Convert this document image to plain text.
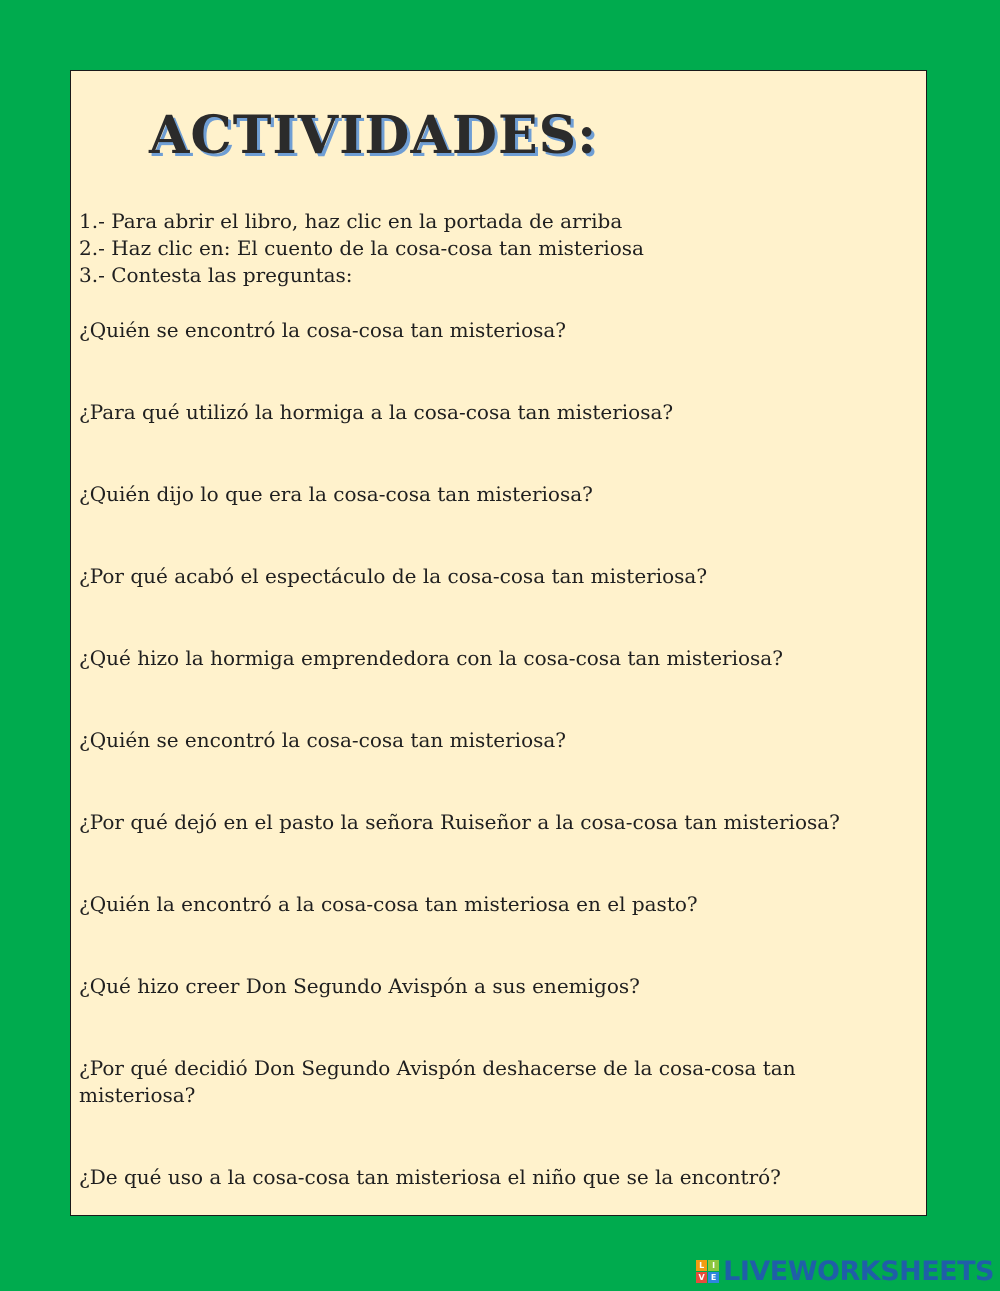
ACTIVIDADES:
1.- Para abrir el libro, haz clic en la portada de arriba
2.- Haz clic en: El cuento de la cosa-cosa tan misteriosa
3.- Contesta las preguntas:

¿Quién se encontró la cosa-cosa tan misteriosa?

¿Para qué utilizó la hormiga a la cosa-cosa tan misteriosa?

¿Quién dijo lo que era la cosa-cosa tan misteriosa?

¿Por qué acabó el espectáculo de la cosa-cosa tan misteriosa?

¿Qué hizo la hormiga emprendedora con la cosa-cosa tan misteriosa?

¿Quién se encontró la cosa-cosa tan misteriosa?

¿Por qué dejó en el pasto la señora Ruiseñor a la cosa-cosa tan misteriosa?

¿Quién la encontró a la cosa-cosa tan misteriosa en el pasto?

¿Qué hizo creer Don Segundo Avispón a sus enemigos?

¿Por qué decidió Don Segundo Avispón deshacerse de la cosa-cosa tan misteriosa?

¿De qué uso a la cosa-cosa tan misteriosa el niño que se la encontró?

L I
V E LIVEWORKSHEETS
